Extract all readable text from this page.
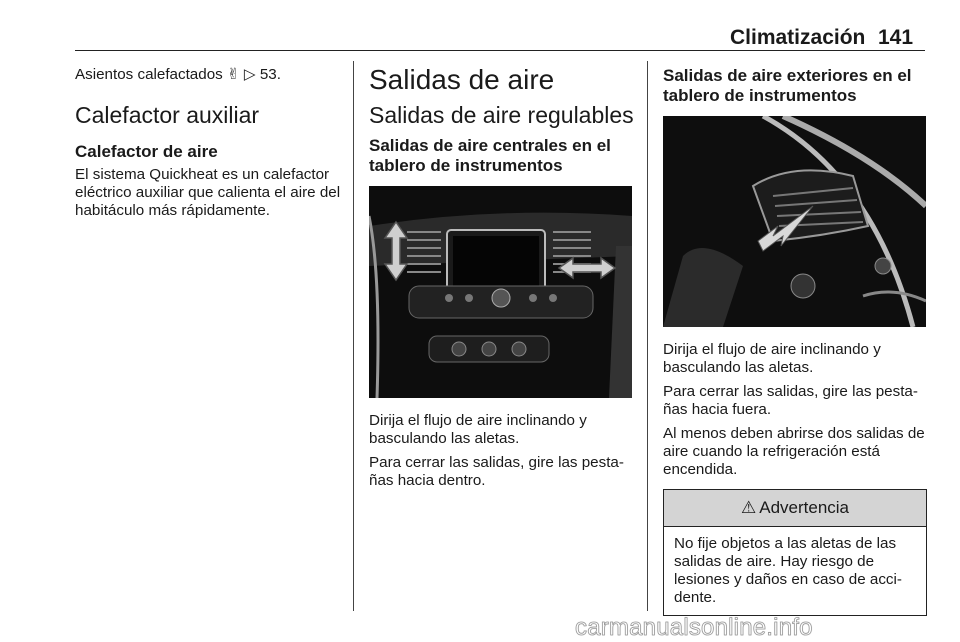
Climatización 141

Asientos calefactados ✌ ▷ 53.

Calefactor auxiliar
Calefactor de aire

El sistema Quickheat es un calefactor eléctrico auxiliar que calienta el aire del habitáculo más rápidamente.

Salidas de aire
Salidas de aire regulables
Salidas de aire centrales en el tablero de instrumentos

Dirija el flujo de aire inclinando y basculando las aletas.

Para cerrar las salidas, gire las pesta-ñas hacia dentro.

Salidas de aire exteriores en el tablero de instrumentos

Dirija el flujo de aire inclinando y basculando las aletas.

Para cerrar las salidas, gire las pesta-ñas hacia fuera.

Al menos deben abrirse dos salidas de aire cuando la refrigeración está encendida.

⚠ Advertencia

No fije objetos a las aletas de las salidas de aire. Hay riesgo de lesiones y daños en caso de acci-dente.

carmanualsonline.info
